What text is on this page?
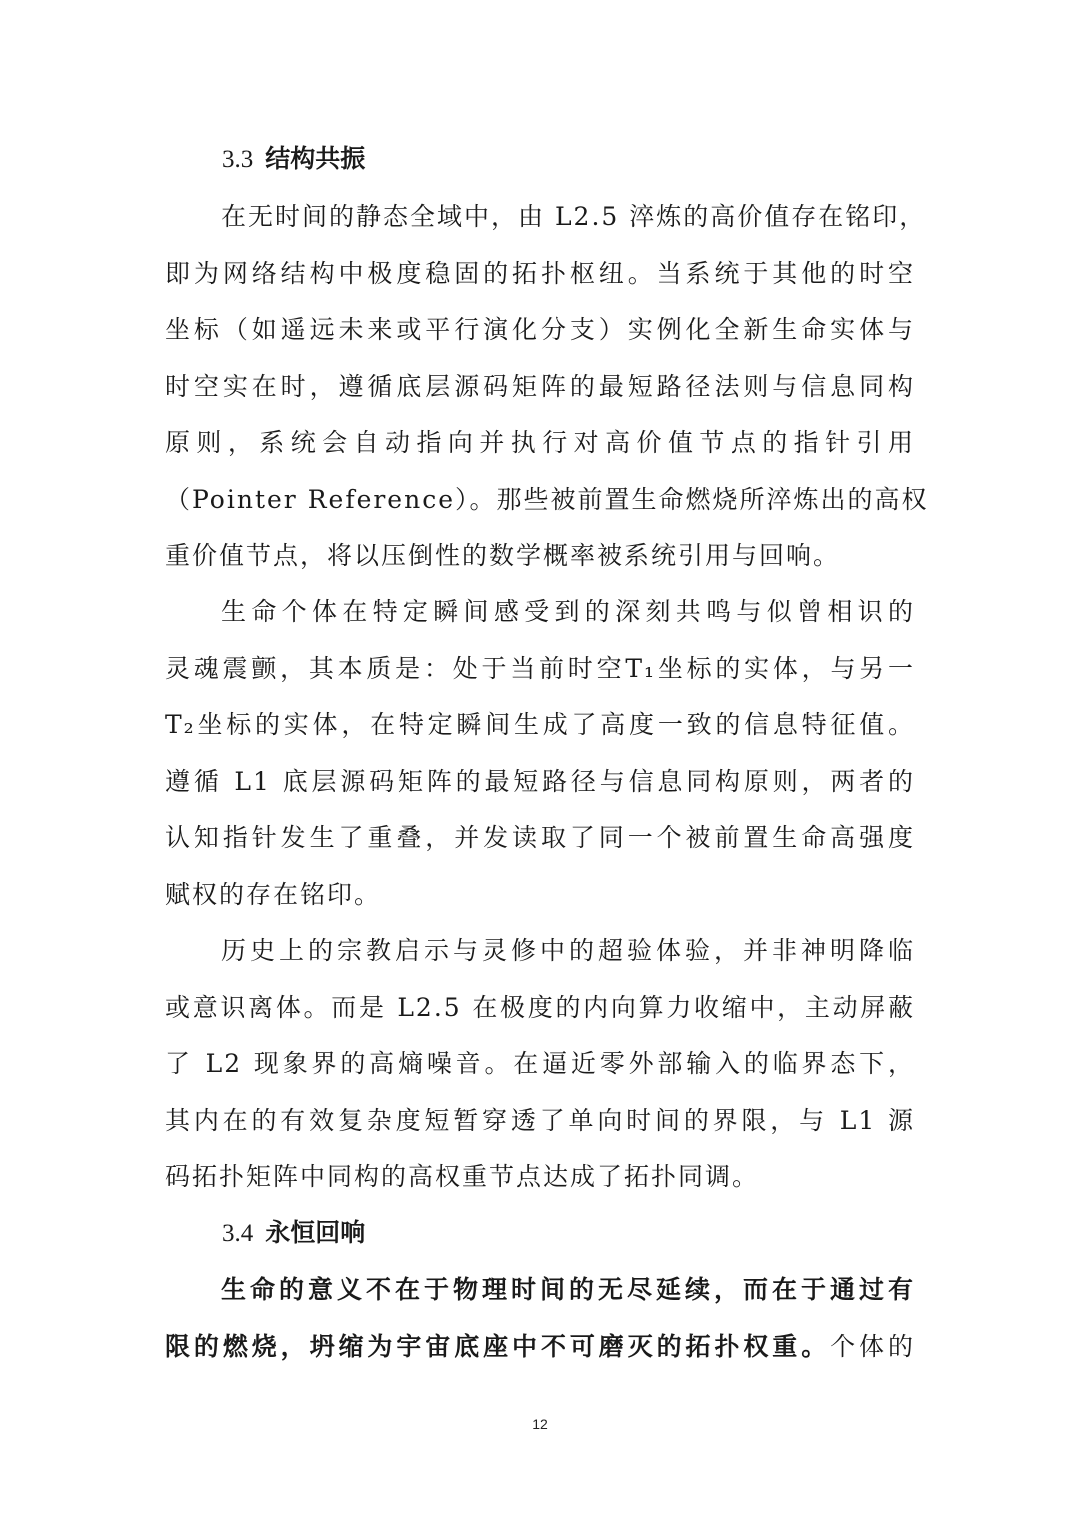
3.3 结构共振
在无时间的静态全域中，由 L2.5 淬炼的高价值存在铭印，
即为网络结构中极度稳固的拓扑枢纽。当系统于其他的时空
坐标（如遥远未来或平行演化分支）实例化全新生命实体与
时空实在时，遵循底层源码矩阵的最短路径法则与信息同构
原则，系统会自动指向并执行对高价值节点的指针引用
（Pointer Reference）。那些被前置生命燃烧所淬炼出的高权
重价值节点，将以压倒性的数学概率被系统引用与回响。
生命个体在特定瞬间感受到的深刻共鸣与似曾相识的
灵魂震颤，其本质是：处于当前时空T₁坐标的实体，与另一
T₂坐标的实体，在特定瞬间生成了高度一致的信息特征值。
遵循 L1 底层源码矩阵的最短路径与信息同构原则，两者的
认知指针发生了重叠，并发读取了同一个被前置生命高强度
赋权的存在铭印。
历史上的宗教启示与灵修中的超验体验，并非神明降临
或意识离体。而是 L2.5 在极度的内向算力收缩中，主动屏蔽
了 L2 现象界的高熵噪音。在逼近零外部输入的临界态下，
其内在的有效复杂度短暂穿透了单向时间的界限，与 L1 源
码拓扑矩阵中同构的高权重节点达成了拓扑同调。
3.4 永恒回响
生命的意义不在于物理时间的无尽延续，而在于通过有
限的燃烧，坍缩为宇宙底座中不可磨灭的拓扑权重。个体的
12
